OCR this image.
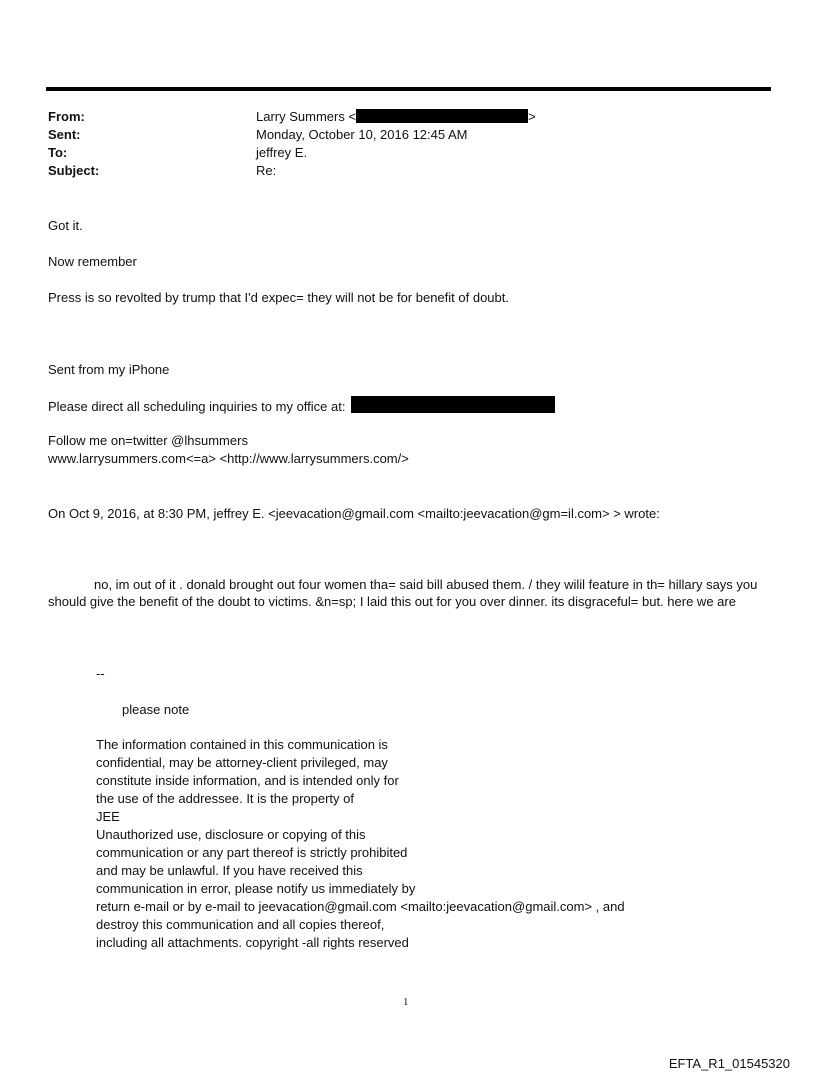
From:	Larry Summers <	>
Sent:	Monday, October 10, 2016 12:45 AM
To:	jeffrey E.
Subject:	Re:
Got it.
Now remember
Press is so revolted by trump that I'd expec= they will not be for benefit of doubt.
Sent from my iPhone
Please direct all scheduling inquiries to my office at:
Follow me on=twitter @lhsummers
www.larrysummers.com<=a> <http://www.larrysummers.com/>
On Oct 9, 2016, at 8:30 PM, jeffrey E. <jeevacation@gmail.com <mailto:jeevacation@gm=il.com> > wrote:
no, im out of it . donald brought out four women tha= said bill abused them. / they wilil feature in th= hillary says you should give the benefit of the doubt to victims. &n=sp; I laid this out for you over dinner. its disgraceful= but. here we are
--
please note
The information contained in this communication is
confidential, may be attorney-client privileged, may
constitute inside information, and is intended only for
the use of the addressee. It is the property of
JEE
Unauthorized use, disclosure or copying of this
communication or any part thereof is strictly prohibited
and may be unlawful. If you have received this
communication in error, please notify us immediately by
return e-mail or by e-mail to jeevacation@gmail.com <mailto:jeevacation@gmail.com> , and
destroy this communication and all copies thereof,
including all attachments. copyright -all rights reserved
1
EFTA_R1_01545320
